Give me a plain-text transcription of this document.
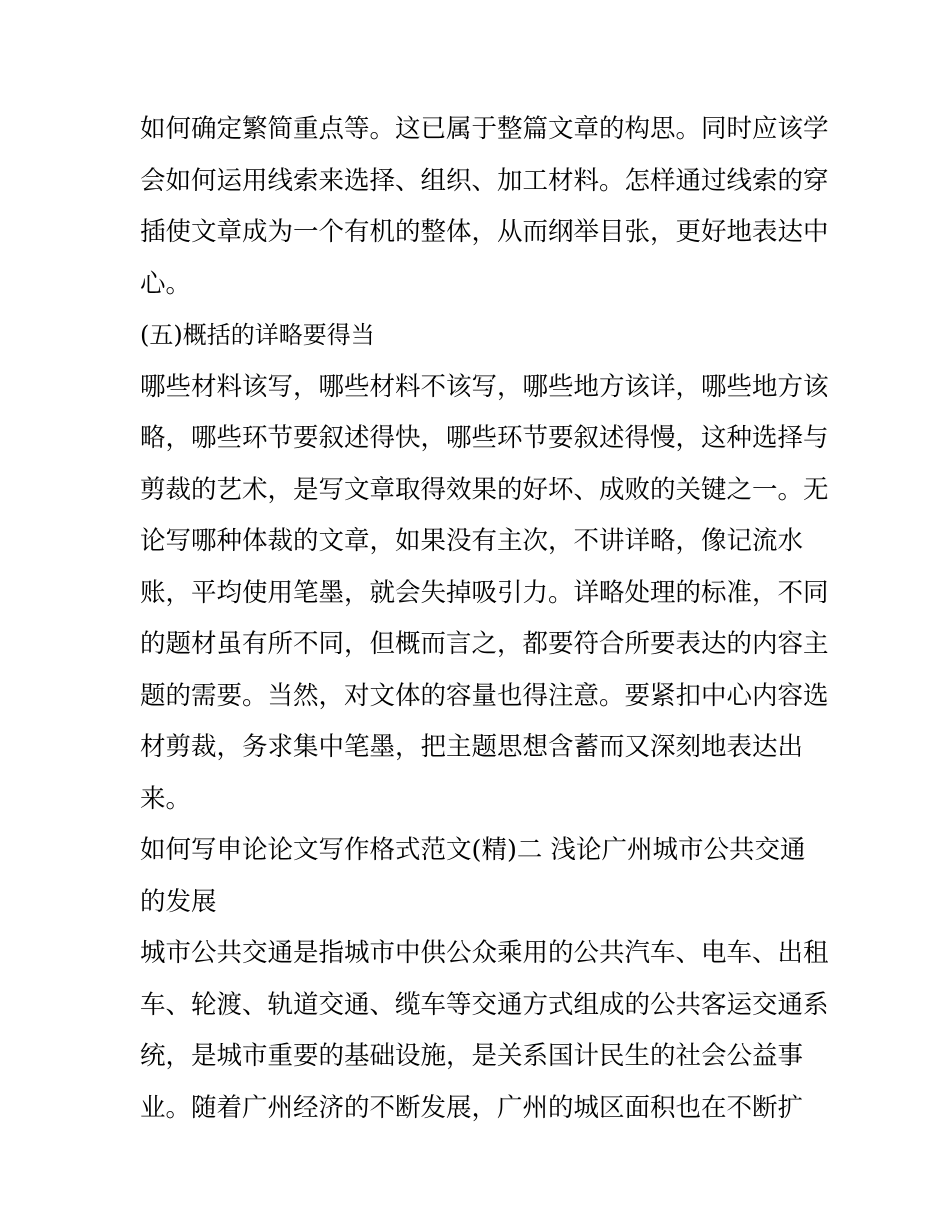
如何确定繁简重点等。这已属于整篇文章的构思。同时应该学
会如何运用线索来选择、组织、加工材料。怎样通过线索的穿
插使文章成为一个有机的整体，从而纲举目张，更好地表达中
心。
(五)概括的详略要得当
哪些材料该写，哪些材料不该写，哪些地方该详，哪些地方该
略，哪些环节要叙述得快，哪些环节要叙述得慢，这种选择与
剪裁的艺术，是写文章取得效果的好坏、成败的关键之一。无
论写哪种体裁的文章，如果没有主次，不讲详略，像记流水
账，平均使用笔墨，就会失掉吸引力。详略处理的标准，不同
的题材虽有所不同，但概而言之，都要符合所要表达的内容主
题的需要。当然，对文体的容量也得注意。要紧扣中心内容选
材剪裁，务求集中笔墨，把主题思想含蓄而又深刻地表达出
来。
如何写申论论文写作格式范文(精)二 浅论广州城市公共交通
的发展
城市公共交通是指城市中供公众乘用的公共汽车、电车、出租
车、轮渡、轨道交通、缆车等交通方式组成的公共客运交通系
统，是城市重要的基础设施，是关系国计民生的社会公益事
业。随着广州经济的不断发展，广州的城区面积也在不断扩
